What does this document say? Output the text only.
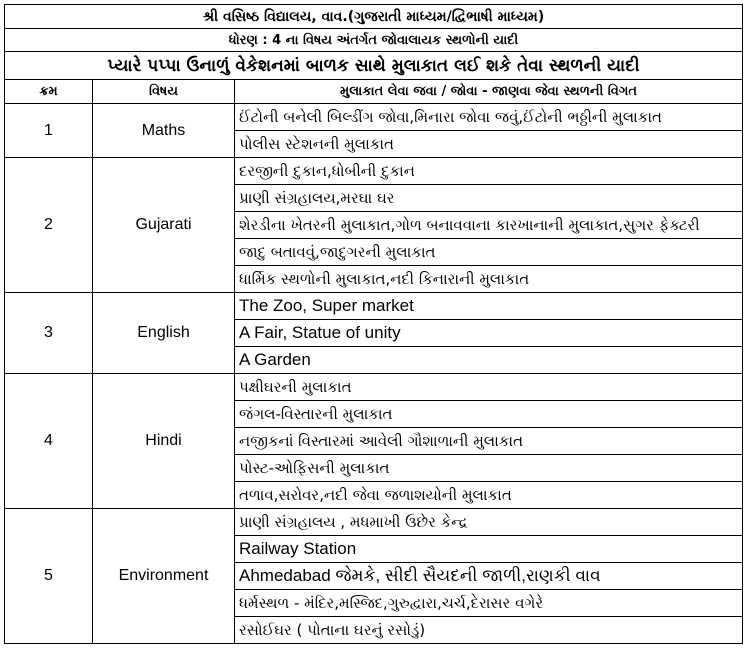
શ્રી વસિષ્ઠ વિદ્યાલય, વાવ.(ગુજરાતી માધ્યમ/દ્વિભાષી માધ્યમ)		
ધોરણ : 4 ના વિષય અંતર્ગત જોવાલાયક સ્થળોની યાદી		
પ્યારે પપ્પા ઉનાળું વેકેશનમાં બાળક સાથે મુલાકાત લઈ શકે તેવા સ્થળની યાદી		
ક્રમ	વિષય	મુલાકાત લેવા જવા / જોવા - જાણવા જેવા સ્થળની વિગત
1	Maths	ઈંટોની બનેલી બિલ્ડીંગ જોવા,મિનારા જોવા જવું,ઈંટોની ભઠ્ઠીની મુલાકાત
		પોલીસ સ્ટેશનની મુલાકાત
2	Gujarati	દરજીની દુકાન,ધોબીની દુકાન
		પ્રાણી સંગ્રહાલય,મરઘા ઘર
		શેરડીના ખેતરની મુલાકાત,ગોળ બનાવવાના કારખાનાની મુલાકાત,સુગર ફેક્ટરી
		જાદુ બતાવવું,જાદુગરની મુલાકાત
		ધાર્મિક સ્થળોની મુલાકાત,નદી કિનારાની મુલાકાત
3	English	The Zoo, Super market
		A Fair, Statue of unity
		A Garden
4	Hindi	પક્ષીઘરની મુલાકાત
		જંગલ-વિસ્તારની મુલાકાત
		નજીકનાં વિસ્તારમાં આવેલી ગૌશાળાની મુલાકાત
		પોસ્ટ-ઓફિસની મુલાકાત
		તળાવ,સરોવર,નદી જેવા જળાશયોની મુલાકાત
5	Environment	પ્રાણી સંગ્રહાલય , મધમાખી ઉછેર કેન્દ્ર
		Railway Station
		Ahmedabad જેમકે, સીદી સૈયદની જાળી,રાણકી વાવ
		ધર્મસ્થળ - મંદિર,મસ્જિદ,ગુરુદ્વારા,ચર્ચ,દેરાસર વગેરે
		રસોઈઘર ( પોતાના ઘરનું રસોડું)
